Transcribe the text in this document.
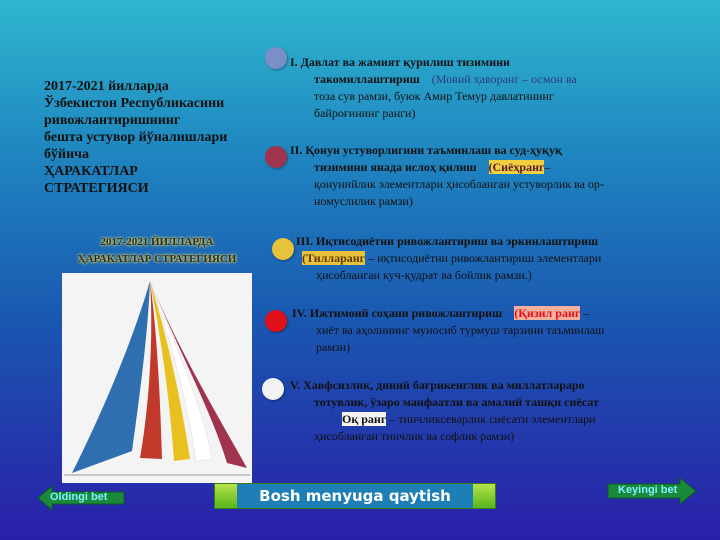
2017-2021 йилларда
Ўзбекистон Республикасини
ривожлантиришнинг
бешта устувор йўналишлари
бўйича
ҲАРАКАТЛАР
СТРАТЕГИЯСИ
2017-2021 ЙИЛЛАРДА
ҲАРАКАТЛАР СТРАТЕГИЯСИ
I. Давлат ва жамият қурилиш тизимини
такомиллаштириш (Мовий ҳаворанг – осмон ва
тоза сув рамзи, буюк Амир Темур давлатининг
байроғининг ранги)
II. Қонун устуворлигини таъминлаш ва суд-ҳуқуқ
тизимини янада ислоҳ қилиш (Сиёҳранг–
қонунийлик элементлари ҳисобланган устуворлик ва ор-
номуслилик рамзи)
III. Иқтисодиётни ривожлантириш ва эркинлаштириш
(Тилларанг – иқтисодиётни ривожлантириш элементлари
ҳисобланган куч-қудрат ва бойлик рамзи.)
IV. Ижтимоий соҳани ривожлантириш (Қизил ранг –
хнёт ва аҳолининг муносиб турмуш тарзини таъминлаш
рамзи)
V. Хавфсизлик, диний бағрикенглик ва миллатлараро
тотувлик, ўзаро манфаатли ва амалий ташқи сиёсат
Оқ ранг – тинчликсеварлик сиёсати элементлари
ҳисобланган тинчлик ва софлик рамзи)
Oldingi bet	Bosh menyuga qaytish	Keyingi bet
